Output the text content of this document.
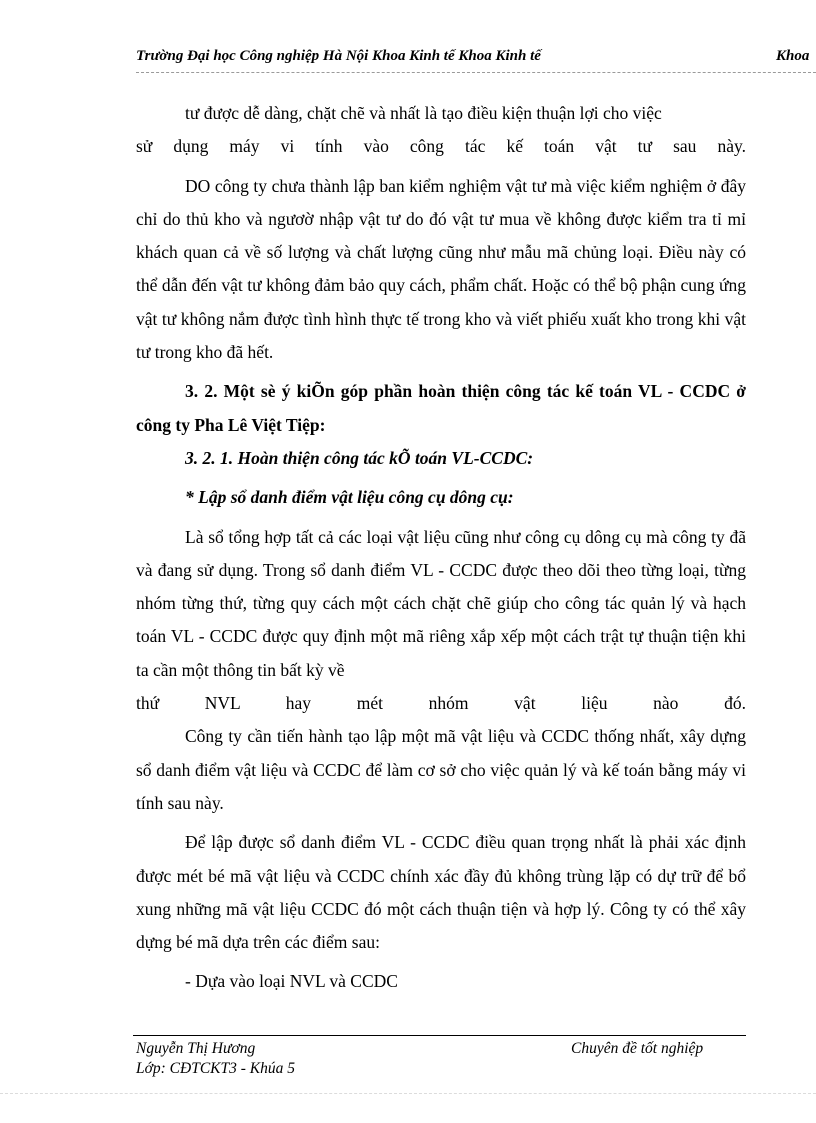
Trường Đại học Công nghiệp Hà Nội Khoa Kinh tế Khoa Kinh tế	Khoa

tư được dễ dàng, chặt chẽ và nhất là tạo điều kiện thuận lợi cho việc

sử dụng máy vi tính vào công tác kế toán vật tư sau này.

DO công ty chưa thành lập ban kiểm nghiệm vật tư mà việc kiểm nghiệm ở đây chỉ do thủ kho và ngươờ nhập vật tư do đó vật tư mua về không được kiểm tra tỉ mỉ khách quan cả về số lượng và chất lượng cũng như mẫu mã chủng loại. Điều này có thể dẫn đến vật tư không đảm bảo quy cách, phẩm chất. Hoặc có thể bộ phận cung ứng vật tư không nắm được tình hình thực tế trong kho và viết phiếu xuất kho trong khi vật tư trong kho đã hết.

3. 2. Một sè ý kiÕn góp phần hoàn thiện công tác kế toán VL - CCDC ở công ty Pha Lê Việt Tiệp:

3. 2. 1. Hoàn thiện công tác kÕ toán VL-CCDC:

* Lập sổ danh điểm vật liệu công cụ dông cụ:

Là sổ tổng hợp tất cả các loại vật liệu cũng như công cụ dông cụ mà công ty đã và đang sử dụng. Trong sổ danh điểm VL - CCDC được theo dõi theo từng loại, từng nhóm từng thứ, từng quy cách một cách chặt chẽ giúp cho công tác quản lý và hạch toán VL - CCDC được quy định một mã riêng xắp xếp một cách trật tự thuận tiện khi ta cần một thông tin bất kỳ về

thứ NVL hay mét nhóm vật liệu nào đó.

Công ty cần tiến hành tạo lập một mã vật liệu và CCDC thống nhất, xây dựng sổ danh điểm vật liệu và CCDC để làm cơ sở cho việc quản lý và kế toán bằng máy vi tính sau này.

Để lập được sổ danh điểm VL - CCDC điều quan trọng nhất là phải xác định được mét bé mã vật liệu và CCDC chính xác đầy đủ không trùng lặp có dự trữ để bổ xung những mã vật liệu CCDC đó một cách thuận tiện và hợp lý. Công ty có thể xây dựng bé mã dựa trên các điểm sau:

- Dựa vào loại NVL và CCDC

Nguyễn Thị Hương
Lớp: CĐTCKT3 - Khúa 5
Chuyên đề tốt nghiệp
